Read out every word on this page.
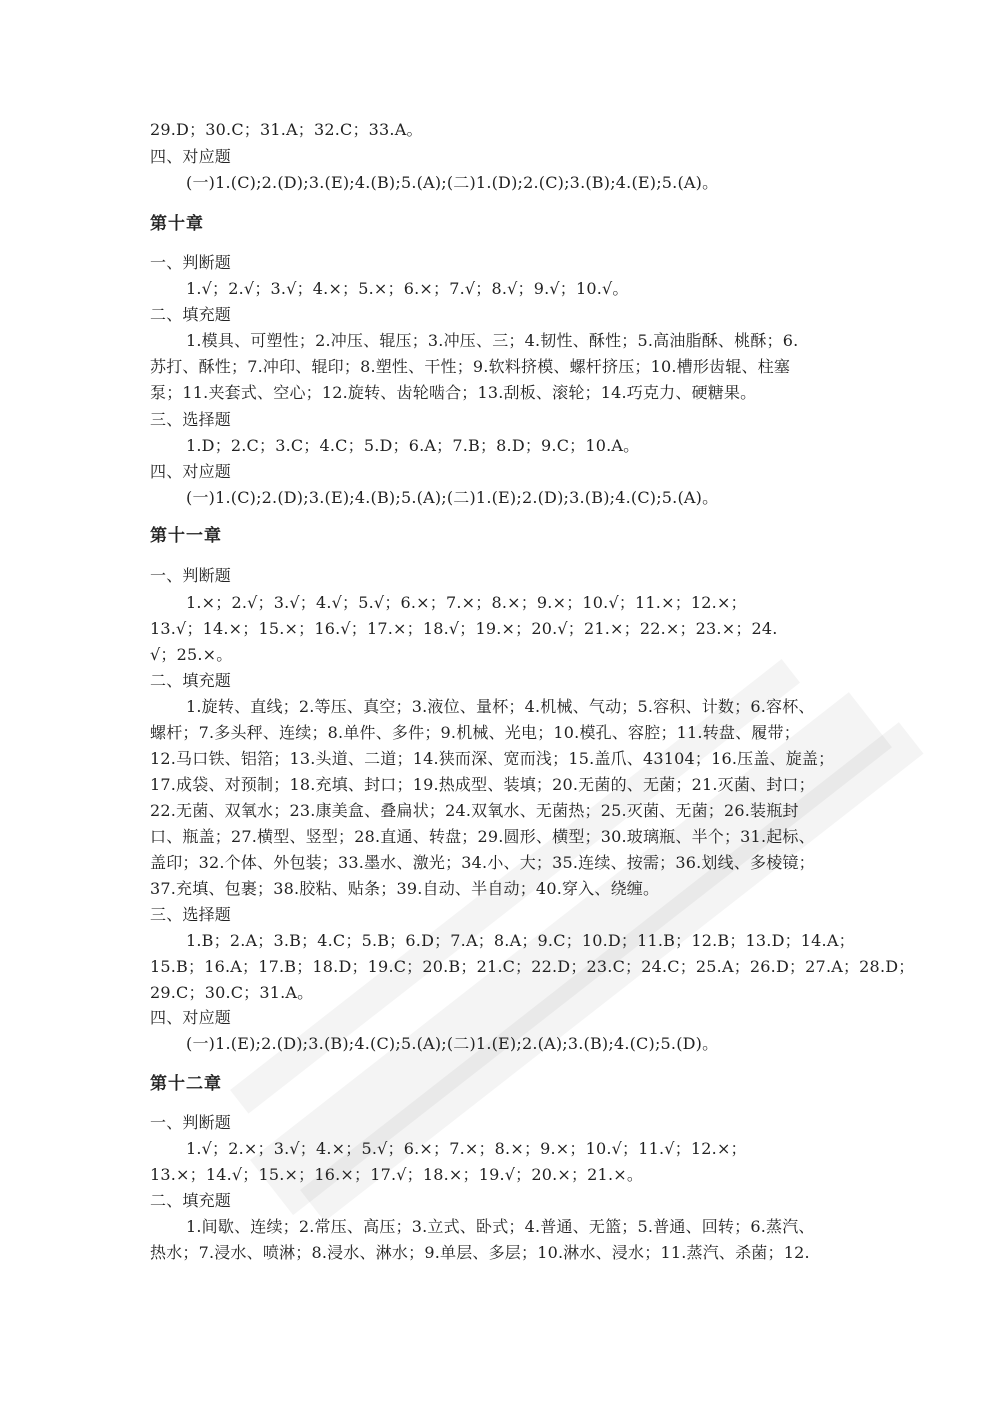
29.D；30.C；31.A；32.C；33.A。
四、对应题
(一)1.(C);2.(D);3.(E);4.(B);5.(A);(二)1.(D);2.(C);3.(B);4.(E);5.(A)。
第十章
一、判断题
1.√；2.√；3.√；4.×；5.×；6.×；7.√；8.√；9.√；10.√。
二、填充题
1.模具、可塑性；2.冲压、辊压；3.冲压、三；4.韧性、酥性；5.高油脂酥、桃酥；6.
苏打、酥性；7.冲印、辊印；8.塑性、干性；9.软料挤模、螺杆挤压；10.槽形齿辊、柱塞
泵；11.夹套式、空心；12.旋转、齿轮啮合；13.刮板、滚轮；14.巧克力、硬糖果。
三、选择题
1.D；2.C；3.C；4.C；5.D；6.A；7.B；8.D；9.C；10.A。
四、对应题
(一)1.(C);2.(D);3.(E);4.(B);5.(A);(二)1.(E);2.(D);3.(B);4.(C);5.(A)。
第十一章
一、判断题
1.×；2.√；3.√；4.√；5.√；6.×；7.×；8.×；9.×；10.√；11.×；12.×；
13.√；14.×；15.×；16.√；17.×；18.√；19.×；20.√；21.×；22.×；23.×；24.
√；25.×。
二、填充题
1.旋转、直线；2.等压、真空；3.液位、量杯；4.机械、气动；5.容积、计数；6.容杯、
螺杆；7.多头秤、连续；8.单件、多件；9.机械、光电；10.模孔、容腔；11.转盘、履带；
12.马口铁、铝箔；13.头道、二道；14.狭而深、宽而浅；15.盖爪、43104；16.压盖、旋盖；
17.成袋、对预制；18.充填、封口；19.热成型、装填；20.无菌的、无菌；21.灭菌、封口；
22.无菌、双氧水；23.康美盒、叠扁状；24.双氧水、无菌热；25.灭菌、无菌；26.装瓶封
口、瓶盖；27.横型、竖型；28.直通、转盘；29.圆形、横型；30.玻璃瓶、半个；31.起标、
盖印；32.个体、外包装；33.墨水、激光；34.小、大；35.连续、按需；36.划线、多棱镜；
37.充填、包裹；38.胶粘、贴条；39.自动、半自动；40.穿入、绕缠。
三、选择题
1.B；2.A；3.B；4.C；5.B；6.D；7.A；8.A；9.C；10.D；11.B；12.B；13.D；14.A；
15.B；16.A；17.B；18.D；19.C；20.B；21.C；22.D；23.C；24.C；25.A；26.D；27.A；28.D；
29.C；30.C；31.A。
四、对应题
(一)1.(E);2.(D);3.(B);4.(C);5.(A);(二)1.(E);2.(A);3.(B);4.(C);5.(D)。
第十二章
一、判断题
1.√；2.×；3.√；4.×；5.√；6.×；7.×；8.×；9.×；10.√；11.√；12.×；
13.×；14.√；15.×；16.×；17.√；18.×；19.√；20.×；21.×。
二、填充题
1.间歇、连续；2.常压、高压；3.立式、卧式；4.普通、无篮；5.普通、回转；6.蒸汽、
热水；7.浸水、喷淋；8.浸水、淋水；9.单层、多层；10.淋水、浸水；11.蒸汽、杀菌；12.
